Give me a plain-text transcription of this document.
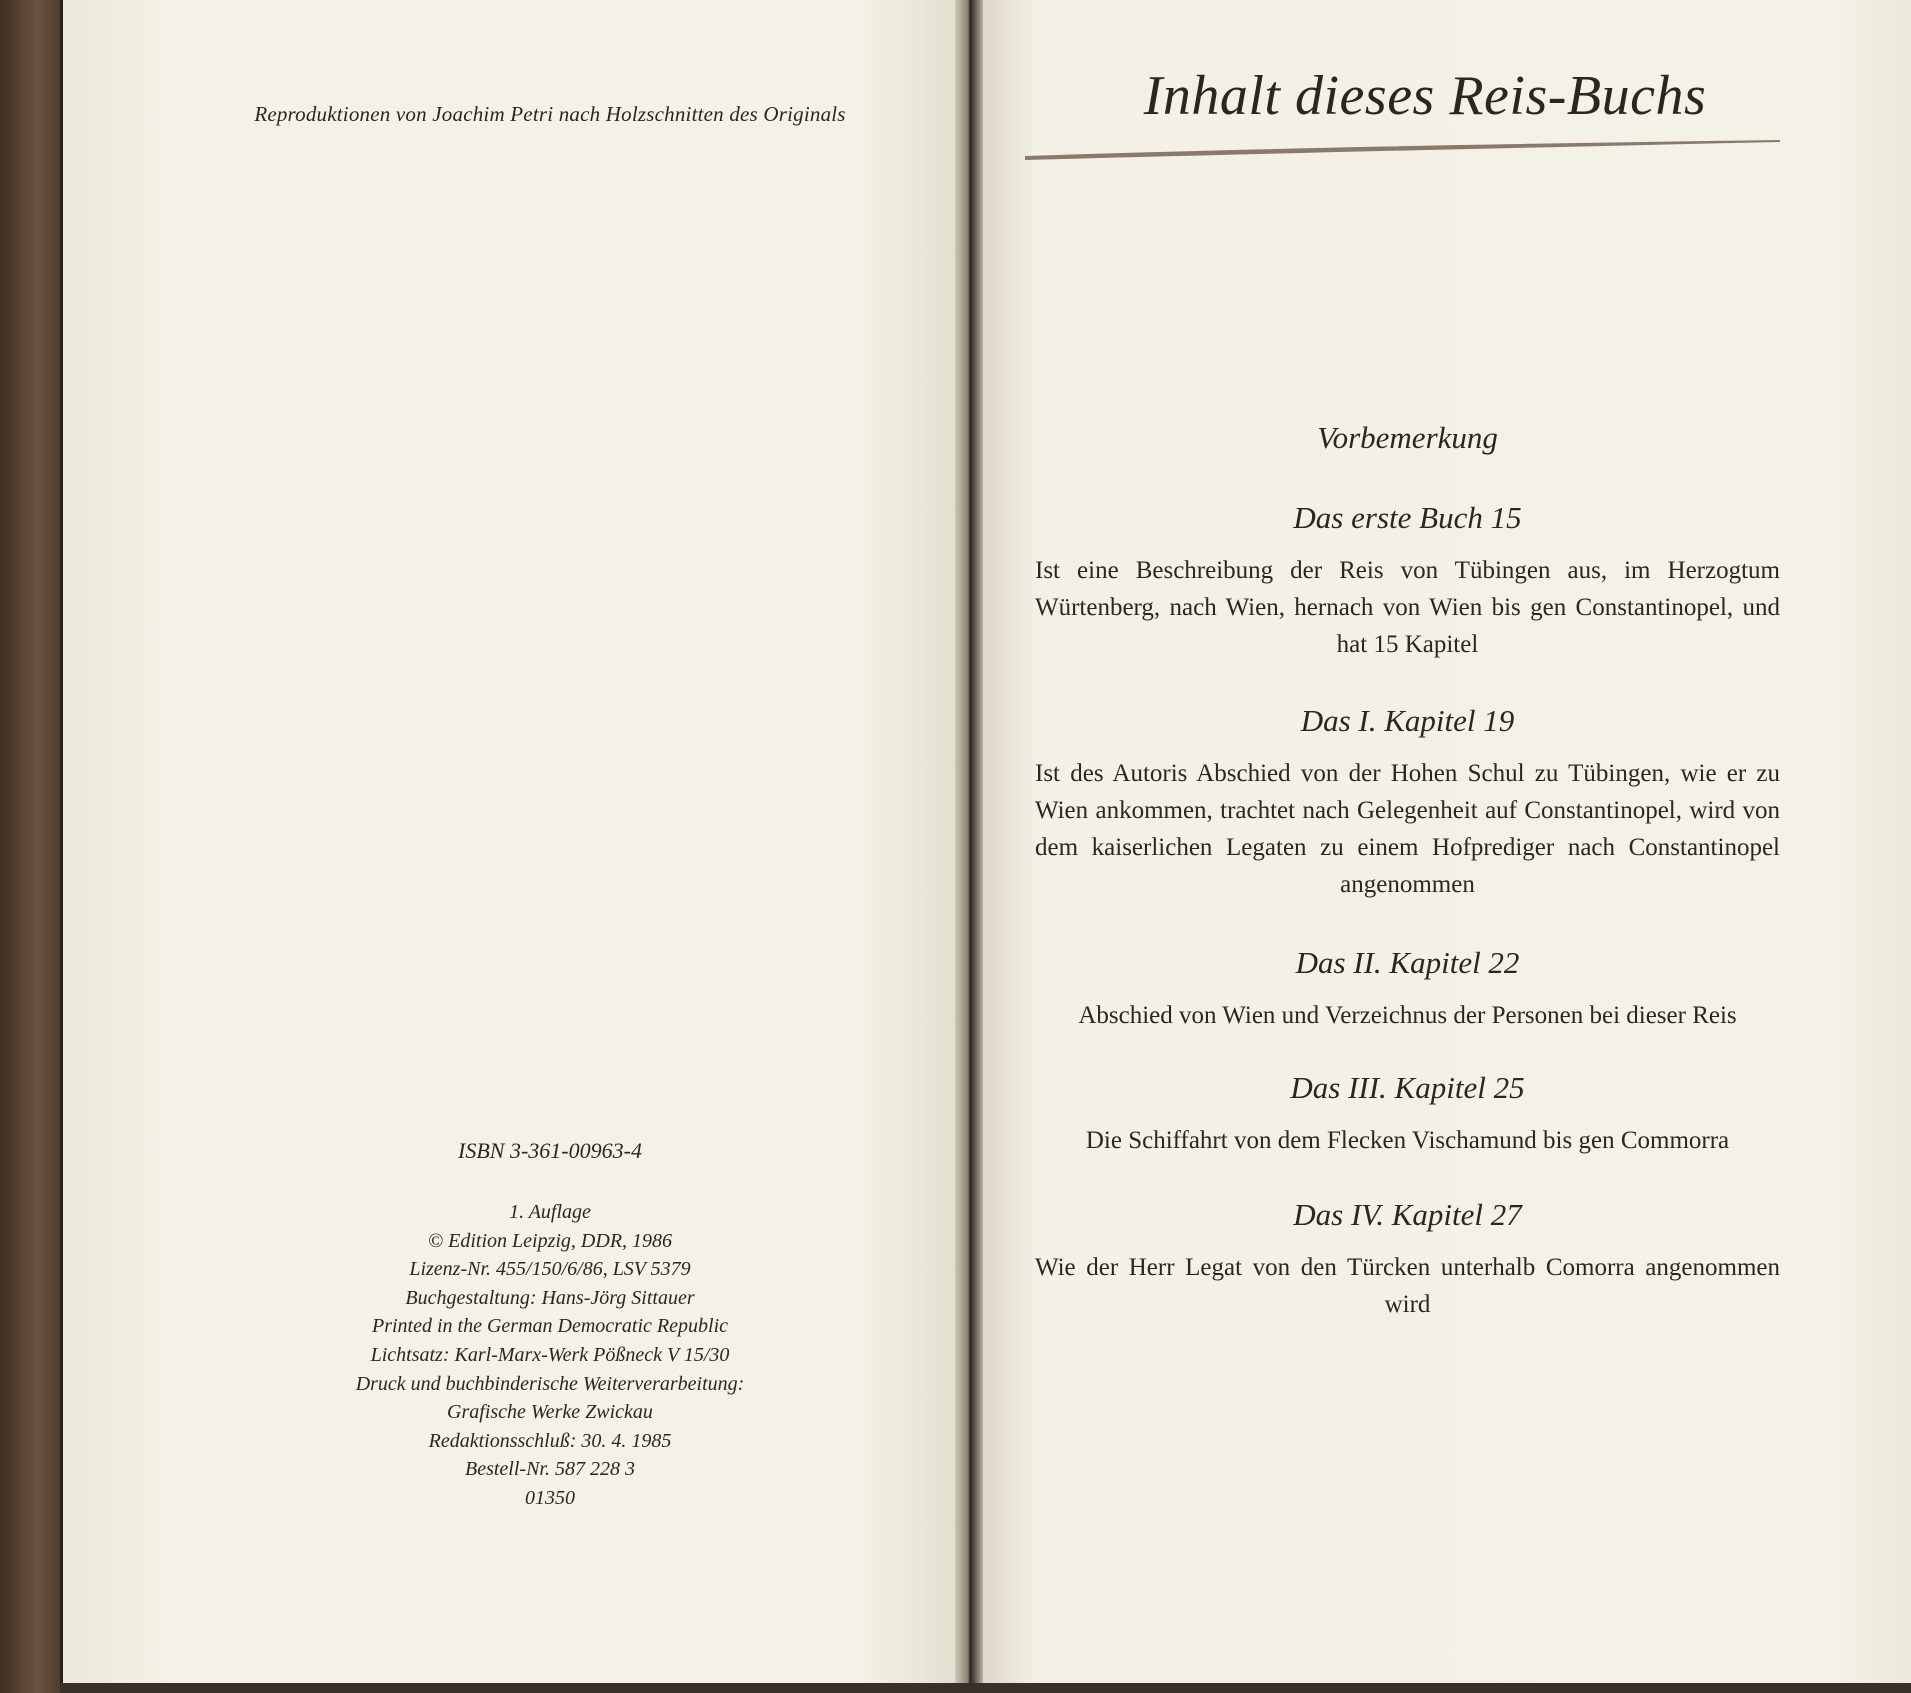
Reproduktionen von Joachim Petri nach Holzschnitten des Originals
ISBN 3-361-00963-4
1. Auflage
© Edition Leipzig, DDR, 1986
Lizenz-Nr. 455/150/6/86, LSV 5379
Buchgestaltung: Hans-Jörg Sittauer
Printed in the German Democratic Republic
Lichtsatz: Karl-Marx-Werk Pößneck V 15/30
Druck und buchbinderische Weiterverarbeitung:
Grafische Werke Zwickau
Redaktionsschluß: 30. 4. 1985
Bestell-Nr. 587 228 3
01350
Inhalt dieses Reis-Buchs
Vorbemerkung
Das erste Buch 15

Ist eine Beschreibung der Reis von Tübingen aus, im Herzogtum Würtenberg, nach Wien, hernach von Wien bis gen Constantinopel, und hat 15 Kapitel

Das I. Kapitel 19

Ist des Autoris Abschied von der Hohen Schul zu Tübingen, wie er zu Wien ankommen, trachtet nach Gelegenheit auf Constantinopel, wird von dem kaiserlichen Legaten zu einem Hofprediger nach Constantinopel angenommen

Das II. Kapitel 22

Abschied von Wien und Verzeichnus der Personen bei dieser Reis

Das III. Kapitel 25

Die Schiffahrt von dem Flecken Vischamund bis gen Commorra

Das IV. Kapitel 27

Wie der Herr Legat von den Türcken unterhalb Comorra angenommen wird
